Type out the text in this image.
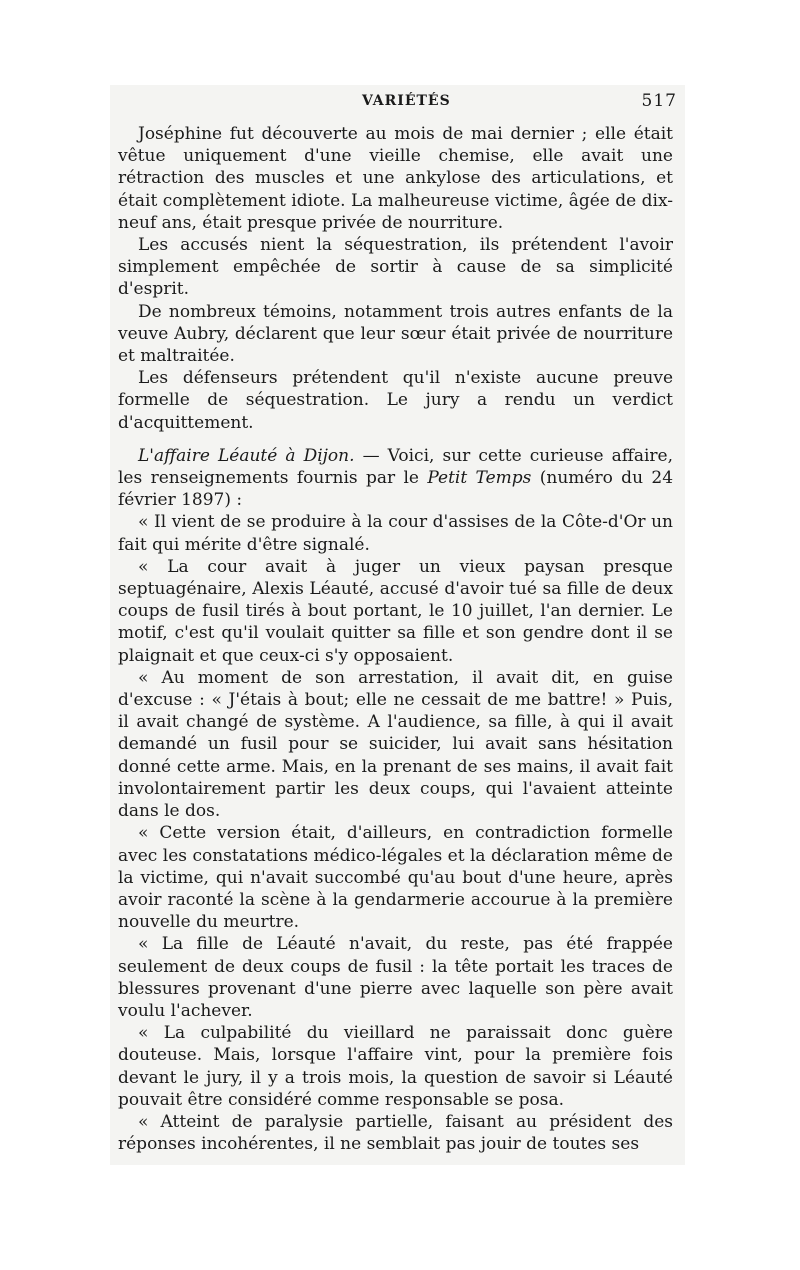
VARIÉTÉS	517

Joséphine fut découverte au mois de mai dernier ; elle était vêtue uniquement d'une vieille chemise, elle avait une rétraction des muscles et une ankylose des articulations, et était complètement idiote. La malheureuse victime, âgée de dix-neuf ans, était presque privée de nourriture.

Les accusés nient la séquestration, ils prétendent l'avoir simplement empêchée de sortir à cause de sa simplicité d'esprit.

De nombreux témoins, notamment trois autres enfants de la veuve Aubry, déclarent que leur sœur était privée de nourriture et maltraitée.

Les défenseurs prétendent qu'il n'existe aucune preuve formelle de séquestration. Le jury a rendu un verdict d'acquittement.

L'affaire Léauté à Dijon. — Voici, sur cette curieuse affaire, les renseignements fournis par le Petit Temps (numéro du 24 février 1897) :

« Il vient de se produire à la cour d'assises de la Côte-d'Or un fait qui mérite d'être signalé.

« La cour avait à juger un vieux paysan presque septuagénaire, Alexis Léauté, accusé d'avoir tué sa fille de deux coups de fusil tirés à bout portant, le 10 juillet, l'an dernier. Le motif, c'est qu'il voulait quitter sa fille et son gendre dont il se plaignait et que ceux-ci s'y opposaient.

« Au moment de son arrestation, il avait dit, en guise d'excuse : « J'étais à bout; elle ne cessait de me battre! » Puis, il avait changé de système. A l'audience, sa fille, à qui il avait demandé un fusil pour se suicider, lui avait sans hésitation donné cette arme. Mais, en la prenant de ses mains, il avait fait involontairement partir les deux coups, qui l'avaient atteinte dans le dos.

« Cette version était, d'ailleurs, en contradiction formelle avec les constatations médico-légales et la déclaration même de la victime, qui n'avait succombé qu'au bout d'une heure, après avoir raconté la scène à la gendarmerie accourue à la première nouvelle du meurtre.

« La fille de Léauté n'avait, du reste, pas été frappée seulement de deux coups de fusil : la tête portait les traces de blessures provenant d'une pierre avec laquelle son père avait voulu l'achever.

« La culpabilité du vieillard ne paraissait donc guère douteuse. Mais, lorsque l'affaire vint, pour la première fois devant le jury, il y a trois mois, la question de savoir si Léauté pouvait être considéré comme responsable se posa.

« Atteint de paralysie partielle, faisant au président des réponses incohérentes, il ne semblait pas jouir de toutes ses
